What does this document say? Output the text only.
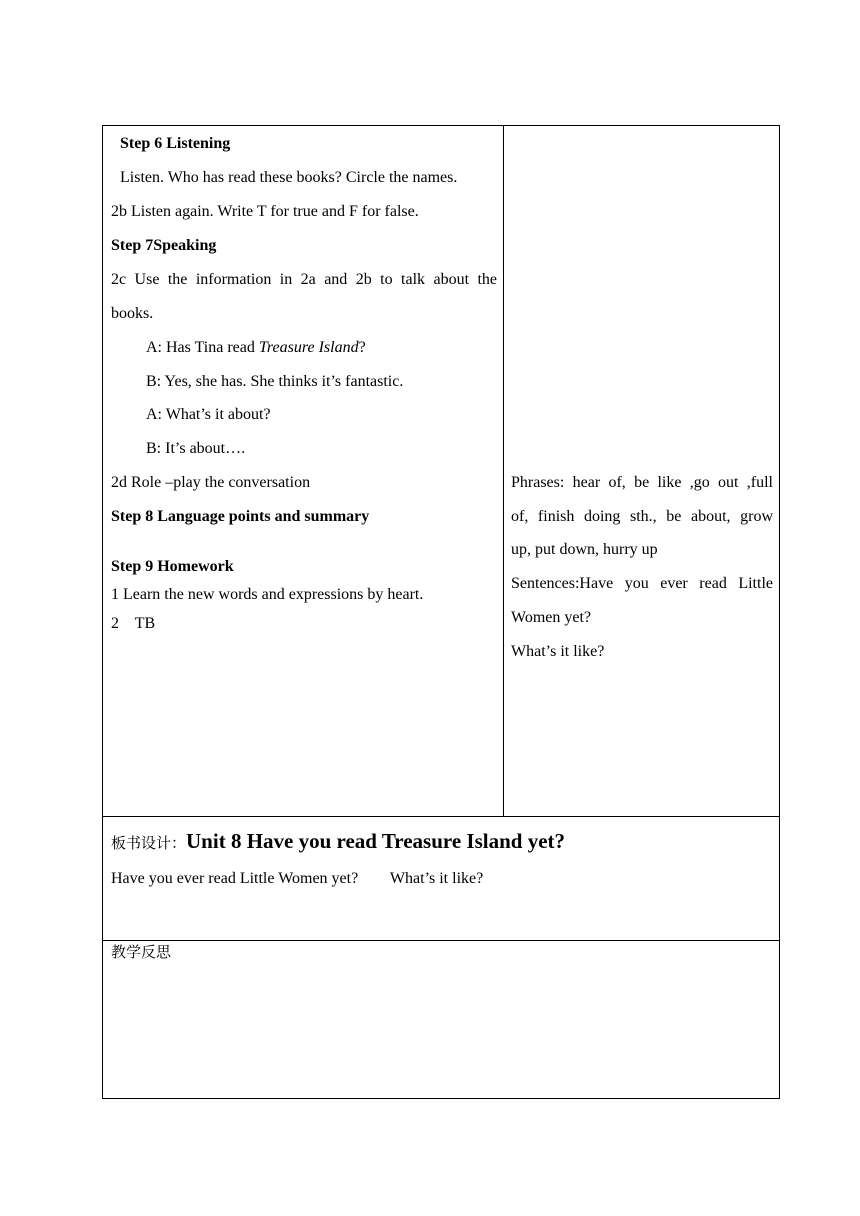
Step 6 Listening
Listen. Who has read these books? Circle the names.
2b Listen again. Write T for true and F for false.
Step 7Speaking
2c Use the information in 2a and 2b to talk about the
books.
A: Has Tina read Treasure Island?
B: Yes, she has. She thinks it’s fantastic.
A: What’s it about?
B: It’s about….
2d Role –play the conversation
Step 8 Language points and summary
Step 9 Homework
1 Learn the new words and expressions by heart.
2    TB
Phrases: hear of, be like ,go out ,full
of, finish doing sth., be about, grow
up, put down, hurry up
Sentences:Have you ever read Little
Women yet?
What’s it like?
板书设计：Unit 8 Have you read Treasure Island yet?
Have you ever read Little Women yet?        What’s it like?
教学反思
